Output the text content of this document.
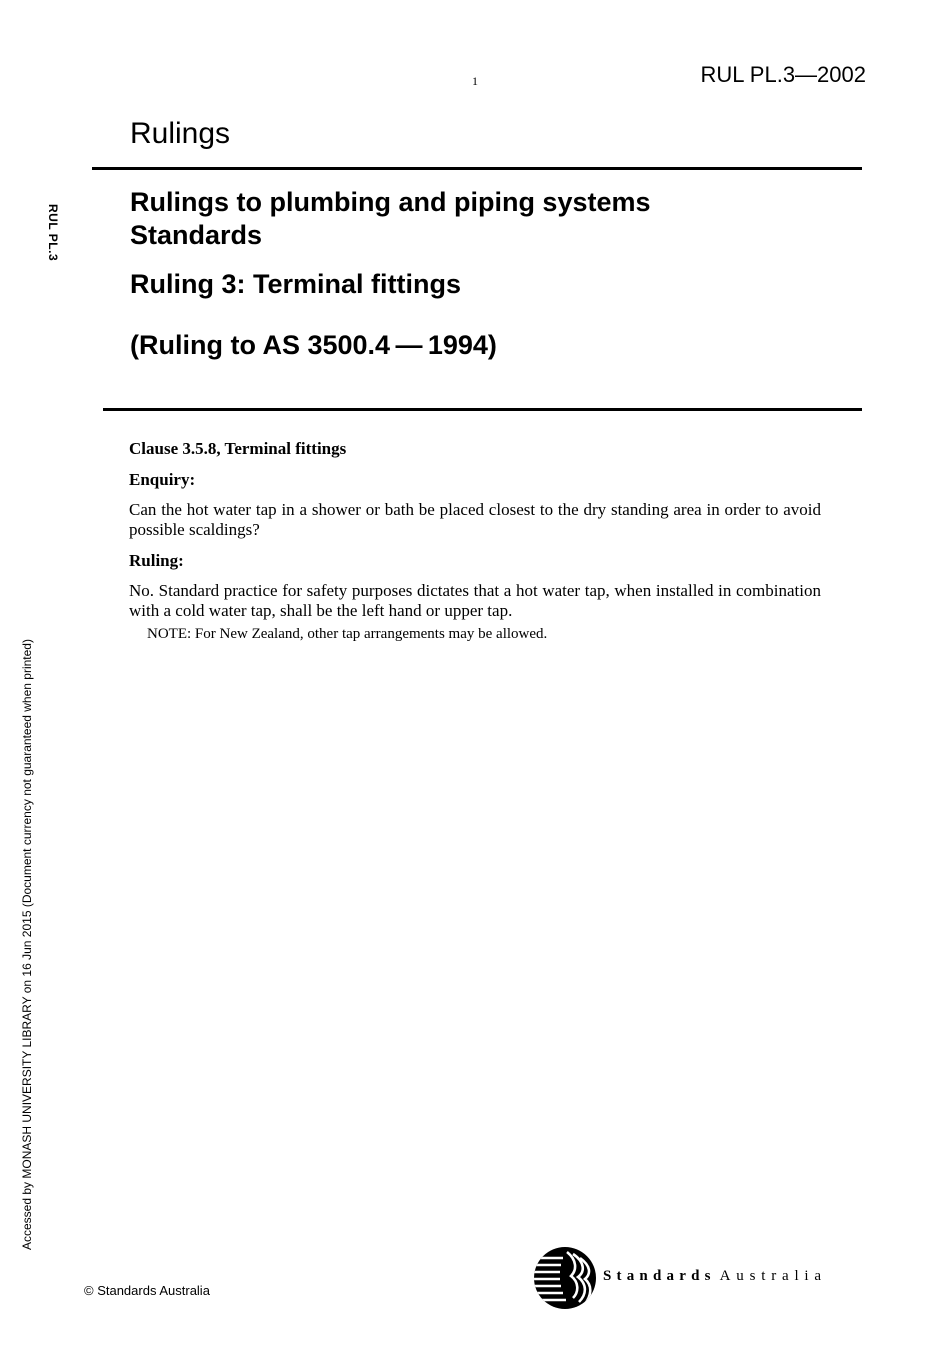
1	RUL PL.3—2002
Rulings
RUL PL.3
Accessed by MONASH UNIVERSITY LIBRARY on 16 Jun 2015 (Document currency not guaranteed when printed)

Rulings to plumbing and piping systems
Standards

Ruling 3: Terminal fittings

(Ruling to AS 3500.4 — 1994)

Clause 3.5.8, Terminal fittings

Enquiry:

Can the hot water tap in a shower or bath be placed closest to the dry standing area in order to avoid possible scaldings?

Ruling:

No. Standard practice for safety purposes dictates that a hot water tap, when installed in combination with a cold water tap, shall be the left hand or upper tap.

NOTE: For New Zealand, other tap arrangements may be allowed.

© Standards Australia
Standards Australia
